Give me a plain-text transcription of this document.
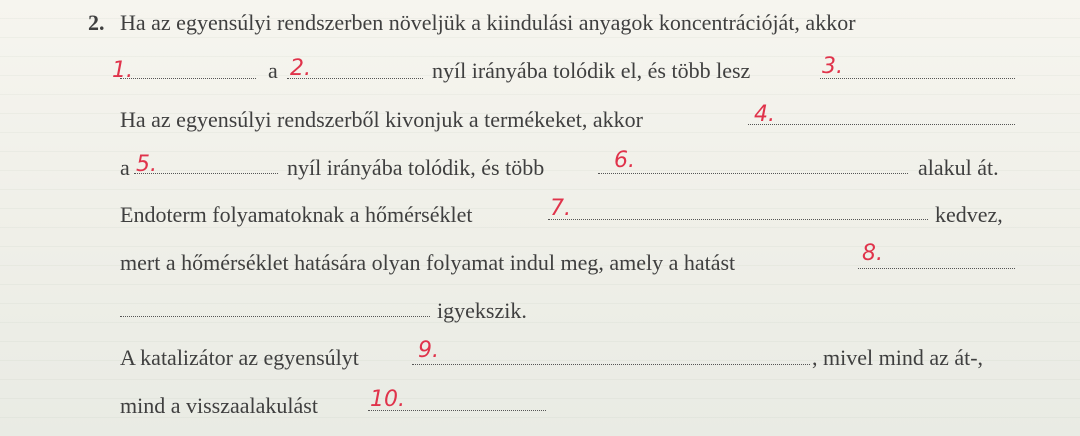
2. Ha az egyensúlyi rendszerben növeljük a kiindulási anyagok koncentrációját, akkor
1.	a 2.	nyíl irányába tolódik el, és több lesz	3.
Ha az egyensúlyi rendszerből kivonjuk a termékeket, akkor	4.
a 5.	nyíl irányába tolódik, és több	6.	alakul át.
Endoterm folyamatoknak a hőmérséklet	7.	kedvez,
mert a hőmérséklet hatására olyan folyamat indul meg, amely a hatást	8.
igyekszik.
A katalizátor az egyensúlyt	9.	, mivel mind az át-,
mind a visszaalakulást 10.
